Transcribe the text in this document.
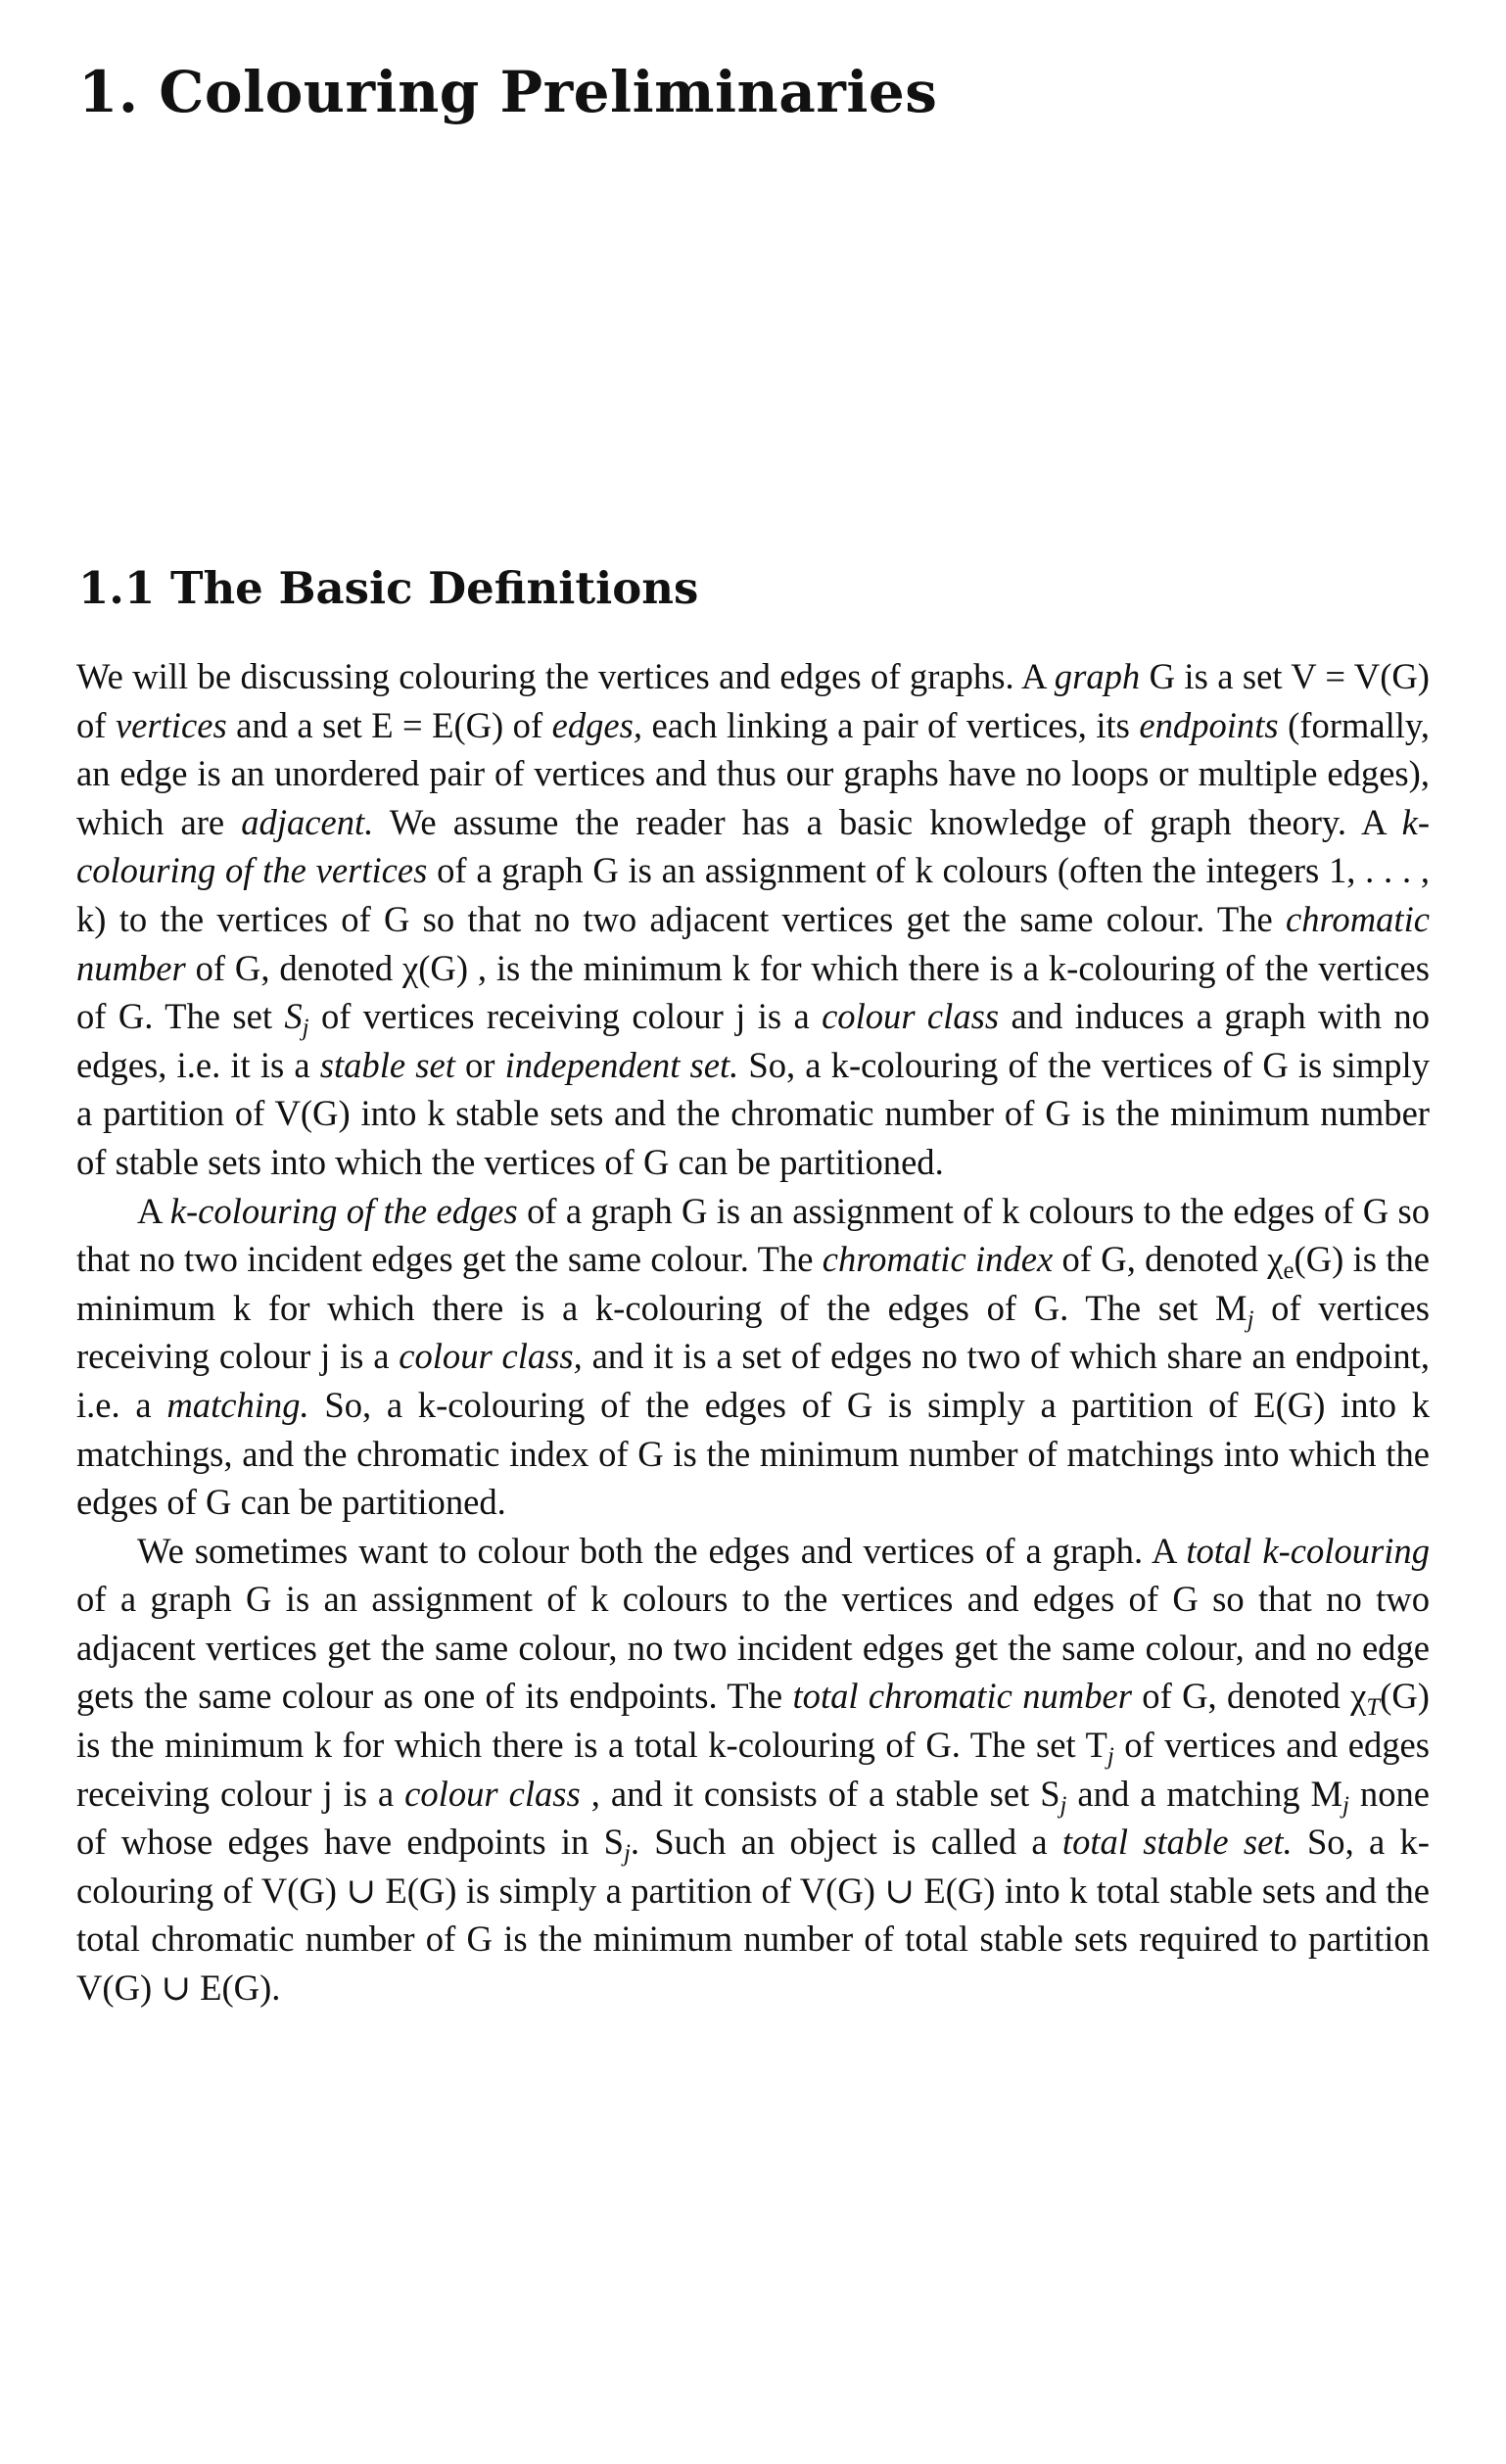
1. Colouring Preliminaries
1.1 The Basic Definitions

We will be discussing colouring the vertices and edges of graphs. A graph G is a set V = V(G) of vertices and a set E = E(G) of edges, each linking a pair of vertices, its endpoints (formally, an edge is an unordered pair of vertices and thus our graphs have no loops or multiple edges), which are adjacent. We assume the reader has a basic knowledge of graph theory. A k-colouring of the vertices of a graph G is an assignment of k colours (often the integers 1, . . . , k) to the vertices of G so that no two adjacent vertices get the same colour. The chromatic number of G, denoted χ(G) , is the minimum k for which there is a k-colouring of the vertices of G. The set $S_j$ of vertices receiving colour j is a colour class and induces a graph with no edges, i.e. it is a stable set or independent set. So, a k-colouring of the vertices of G is simply a partition of V(G) into k stable sets and the chromatic number of G is the minimum number of stable sets into which the vertices of G can be partitioned.

A k-colouring of the edges of a graph G is an assignment of k colours to the edges of G so that no two incident edges get the same colour. The chromatic index of G, denoted $\chi_e(G)$ is the minimum k for which there is a k-colouring of the edges of G. The set $M_j$ of vertices receiving colour j is a colour class, and it is a set of edges no two of which share an endpoint, i.e. a matching. So, a k-colouring of the edges of G is simply a partition of E(G) into k matchings, and the chromatic index of G is the minimum number of matchings into which the edges of G can be partitioned.

We sometimes want to colour both the edges and vertices of a graph. A total k-colouring of a graph G is an assignment of k colours to the vertices and edges of G so that no two adjacent vertices get the same colour, no two incident edges get the same colour, and no edge gets the same colour as one of its endpoints. The total chromatic number of G, denoted $\chi_T(G)$ is the minimum k for which there is a total k-colouring of G. The set $T_j$ of vertices and edges receiving colour j is a colour class , and it consists of a stable set $S_j$ and a matching $M_j$ none of whose edges have endpoints in $S_j$. Such an object is called a total stable set. So, a k-colouring of V(G) ∪ E(G) is simply a partition of V(G) ∪ E(G) into k total stable sets and the total chromatic number of G is the minimum number of total stable sets required to partition V(G) ∪ E(G).
